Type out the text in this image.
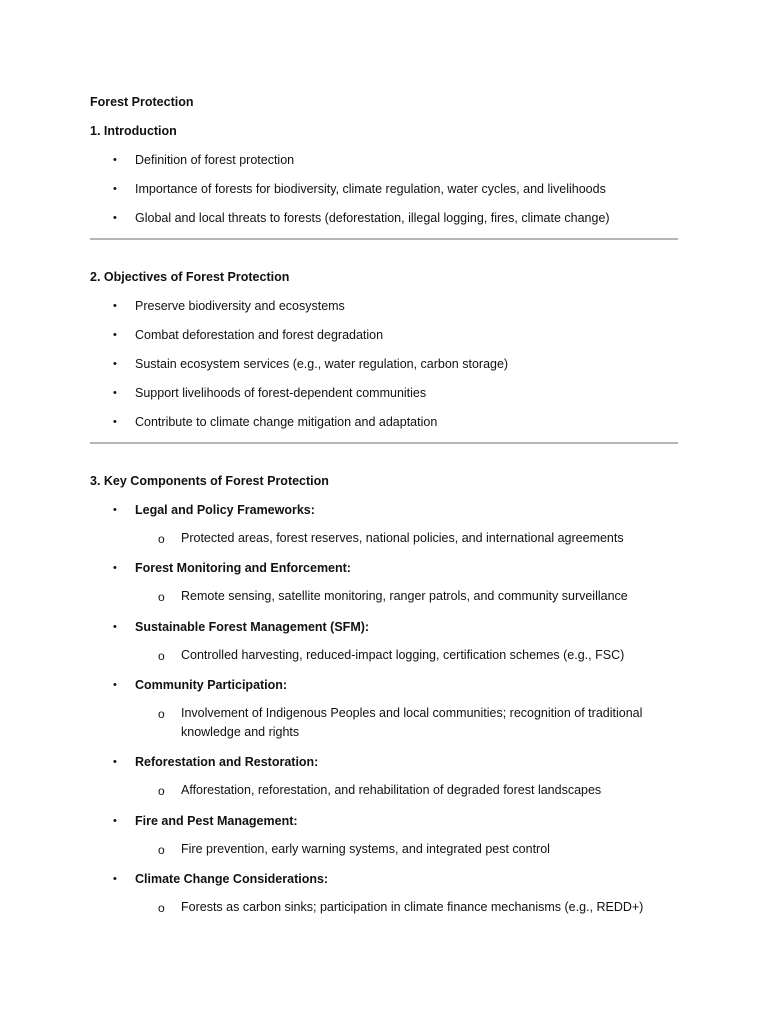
Forest Protection
1. Introduction
• Definition of forest protection
• Importance of forests for biodiversity, climate regulation, water cycles, and livelihoods
• Global and local threats to forests (deforestation, illegal logging, fires, climate change)
2. Objectives of Forest Protection
• Preserve biodiversity and ecosystems
• Combat deforestation and forest degradation
• Sustain ecosystem services (e.g., water regulation, carbon storage)
• Support livelihoods of forest-dependent communities
• Contribute to climate change mitigation and adaptation
3. Key Components of Forest Protection
• Legal and Policy Frameworks:
o Protected areas, forest reserves, national policies, and international agreements
• Forest Monitoring and Enforcement:
o Remote sensing, satellite monitoring, ranger patrols, and community surveillance
• Sustainable Forest Management (SFM):
o Controlled harvesting, reduced-impact logging, certification schemes (e.g., FSC)
• Community Participation:
o Involvement of Indigenous Peoples and local communities; recognition of traditional knowledge and rights
• Reforestation and Restoration:
o Afforestation, reforestation, and rehabilitation of degraded forest landscapes
• Fire and Pest Management:
o Fire prevention, early warning systems, and integrated pest control
• Climate Change Considerations:
o Forests as carbon sinks; participation in climate finance mechanisms (e.g., REDD+)
